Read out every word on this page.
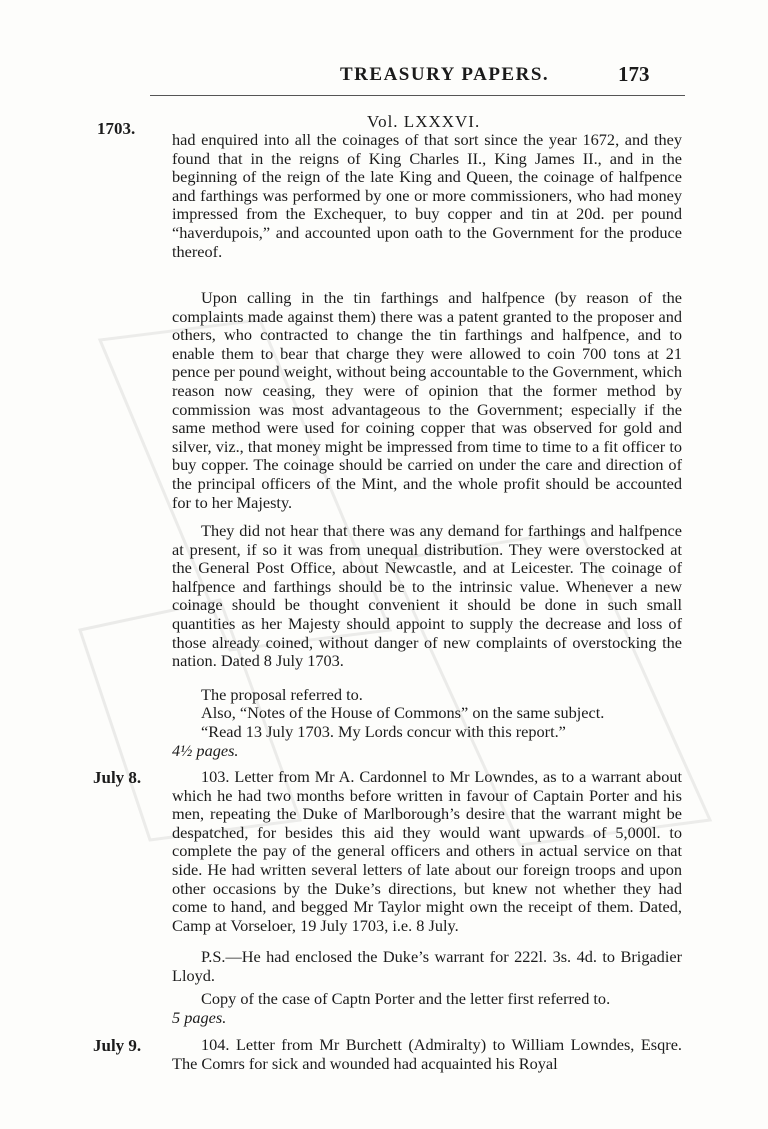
TREASURY PAPERS.	173
Vol. LXXXVI.
1703.

had enquired into all the coinages of that sort since the year 1672, and they found that in the reigns of King Charles II., King James II., and in the beginning of the reign of the late King and Queen, the coinage of halfpence and farthings was performed by one or more commissioners, who had money impressed from the Exchequer, to buy copper and tin at 20d. per pound “haverdupois,” and accounted upon oath to the Government for the produce thereof.

Upon calling in the tin farthings and halfpence (by reason of the complaints made against them) there was a patent granted to the proposer and others, who contracted to change the tin farthings and halfpence, and to enable them to bear that charge they were allowed to coin 700 tons at 21 pence per pound weight, without being accountable to the Government, which reason now ceasing, they were of opinion that the former method by commission was most advantageous to the Government; especially if the same method were used for coining copper that was observed for gold and silver, viz., that money might be impressed from time to time to a fit officer to buy copper. The coinage should be carried on under the care and direction of the principal officers of the Mint, and the whole profit should be accounted for to her Majesty.

They did not hear that there was any demand for farthings and halfpence at present, if so it was from unequal distribution. They were overstocked at the General Post Office, about Newcastle, and at Leicester. The coinage of halfpence and farthings should be to the intrinsic value. Whenever a new coinage should be thought convenient it should be done in such small quantities as her Majesty should appoint to supply the decrease and loss of those already coined, without danger of new complaints of overstocking the nation. Dated 8 July 1703.

The proposal referred to.

Also, “Notes of the House of Commons” on the same subject.

“Read 13 July 1703. My Lords concur with this report.”

4½ pages.

July 8.	103. Letter from Mr A. Cardonnel to Mr Lowndes, as to a warrant about which he had two months before written in favour of Captain Porter and his men, repeating the Duke of Marlborough’s desire that the warrant might be despatched, for besides this aid they would want upwards of 5,000l. to complete the pay of the general officers and others in actual service on that side. He had written several letters of late about our foreign troops and upon other occasions by the Duke’s directions, but knew not whether they had come to hand, and begged Mr Taylor might own the receipt of them. Dated, Camp at Vorseloer, 19 July 1703, i.e. 8 July.

P.S.—He had enclosed the Duke’s warrant for 222l. 3s. 4d. to Brigadier Lloyd.

Copy of the case of Captn Porter and the letter first referred to.

5 pages.

July 9.	104. Letter from Mr Burchett (Admiralty) to William Lowndes, Esqre. The Comrs for sick and wounded had acquainted his Royal
